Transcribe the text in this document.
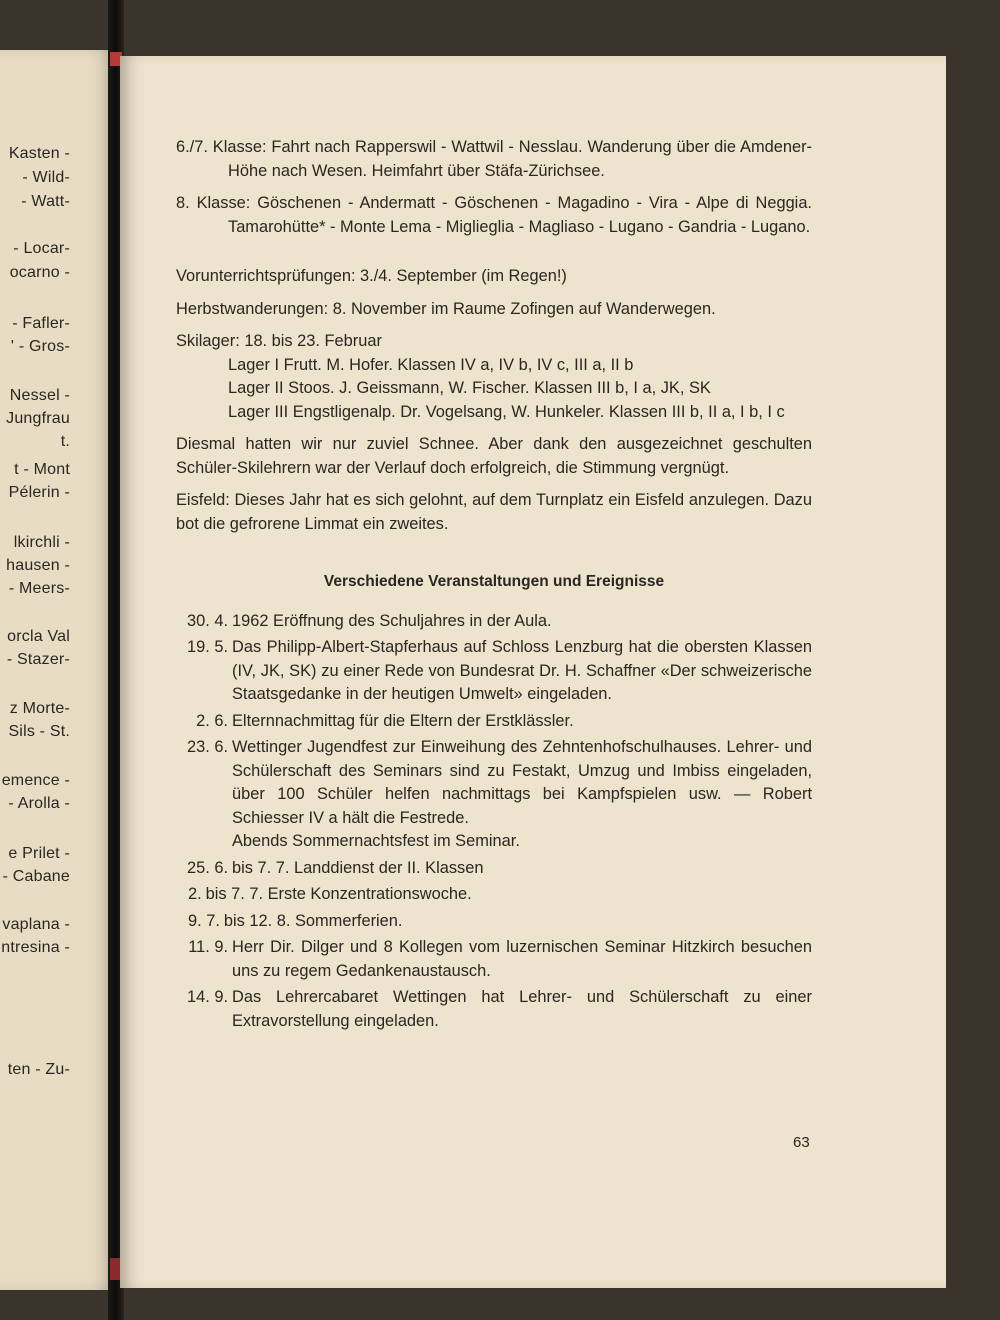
Kasten -
- Wild-
- Watt-
- Locar-
ocarno -
- Fafler-
' - Gros-
Nessel -
Jungfrau
t.
t - Mont
Pélerin -
lkirchli -
hausen -
- Meers-
orcla Val
- Stazer-
z Morte-
Sils - St.
emence -
- Arolla -
e Prilet -
- Cabane
vaplana -
ntresina -
ten - Zu-

6./7. Klasse: Fahrt nach Rapperswil - Wattwil - Nesslau. Wanderung über die Amdener-Höhe nach Wesen. Heimfahrt über Stäfa-Zürichsee.

8. Klasse: Göschenen - Andermatt - Göschenen - Magadino - Vira - Alpe di Neggia. Tamarohütte* - Monte Lema - Miglieglia - Magliaso - Lugano - Gandria - Lugano.

Vorunterrichtsprüfungen: 3./4. September (im Regen!)

Herbstwanderungen: 8. November im Raume Zofingen auf Wanderwegen.

Skilager: 18. bis 23. Februar

Lager I Frutt. M. Hofer. Klassen IV a, IV b, IV c, III a, II b

Lager II Stoos. J. Geissmann, W. Fischer. Klassen III b, I a, JK, SK

Lager III Engstligenalp. Dr. Vogelsang, W. Hunkeler. Klassen III b, II a, I b, I c

Diesmal hatten wir nur zuviel Schnee. Aber dank den ausgezeichnet geschulten Schüler-Skilehrern war der Verlauf doch erfolgreich, die Stimmung vergnügt.

Eisfeld: Dieses Jahr hat es sich gelohnt, auf dem Turnplatz ein Eisfeld anzulegen. Dazu bot die gefrorene Limmat ein zweites.

Verschiedene Veranstaltungen und Ereignisse
30. 4. 1962 Eröffnung des Schuljahres in der Aula.
19. 5. Das Philipp-Albert-Stapferhaus auf Schloss Lenzburg hat die obersten Klassen (IV, JK, SK) zu einer Rede von Bundesrat Dr. H. Schaffner «Der schweizerische Staatsgedanke in der heutigen Umwelt» eingeladen.
2. 6. Elternnachmittag für die Eltern der Erstklässler.
23. 6. Wettinger Jugendfest zur Einweihung des Zehntenhofschulhauses. Lehrer- und Schülerschaft des Seminars sind zu Festakt, Umzug und Imbiss eingeladen, über 100 Schüler helfen nachmittags bei Kampfspielen usw. — Robert Schiesser IV a hält die Festrede.
Abends Sommernachtsfest im Seminar.
25. 6. bis 7. 7. Landdienst der II. Klassen
2. bis 7. 7. Erste Konzentrationswoche.
9. 7. bis 12. 8. Sommerferien.
11. 9. Herr Dir. Dilger und 8 Kollegen vom luzernischen Seminar Hitzkirch besuchen uns zu regem Gedankenaustausch.
14. 9. Das Lehrercabaret Wettingen hat Lehrer- und Schülerschaft zu einer Extravorstellung eingeladen.
63
